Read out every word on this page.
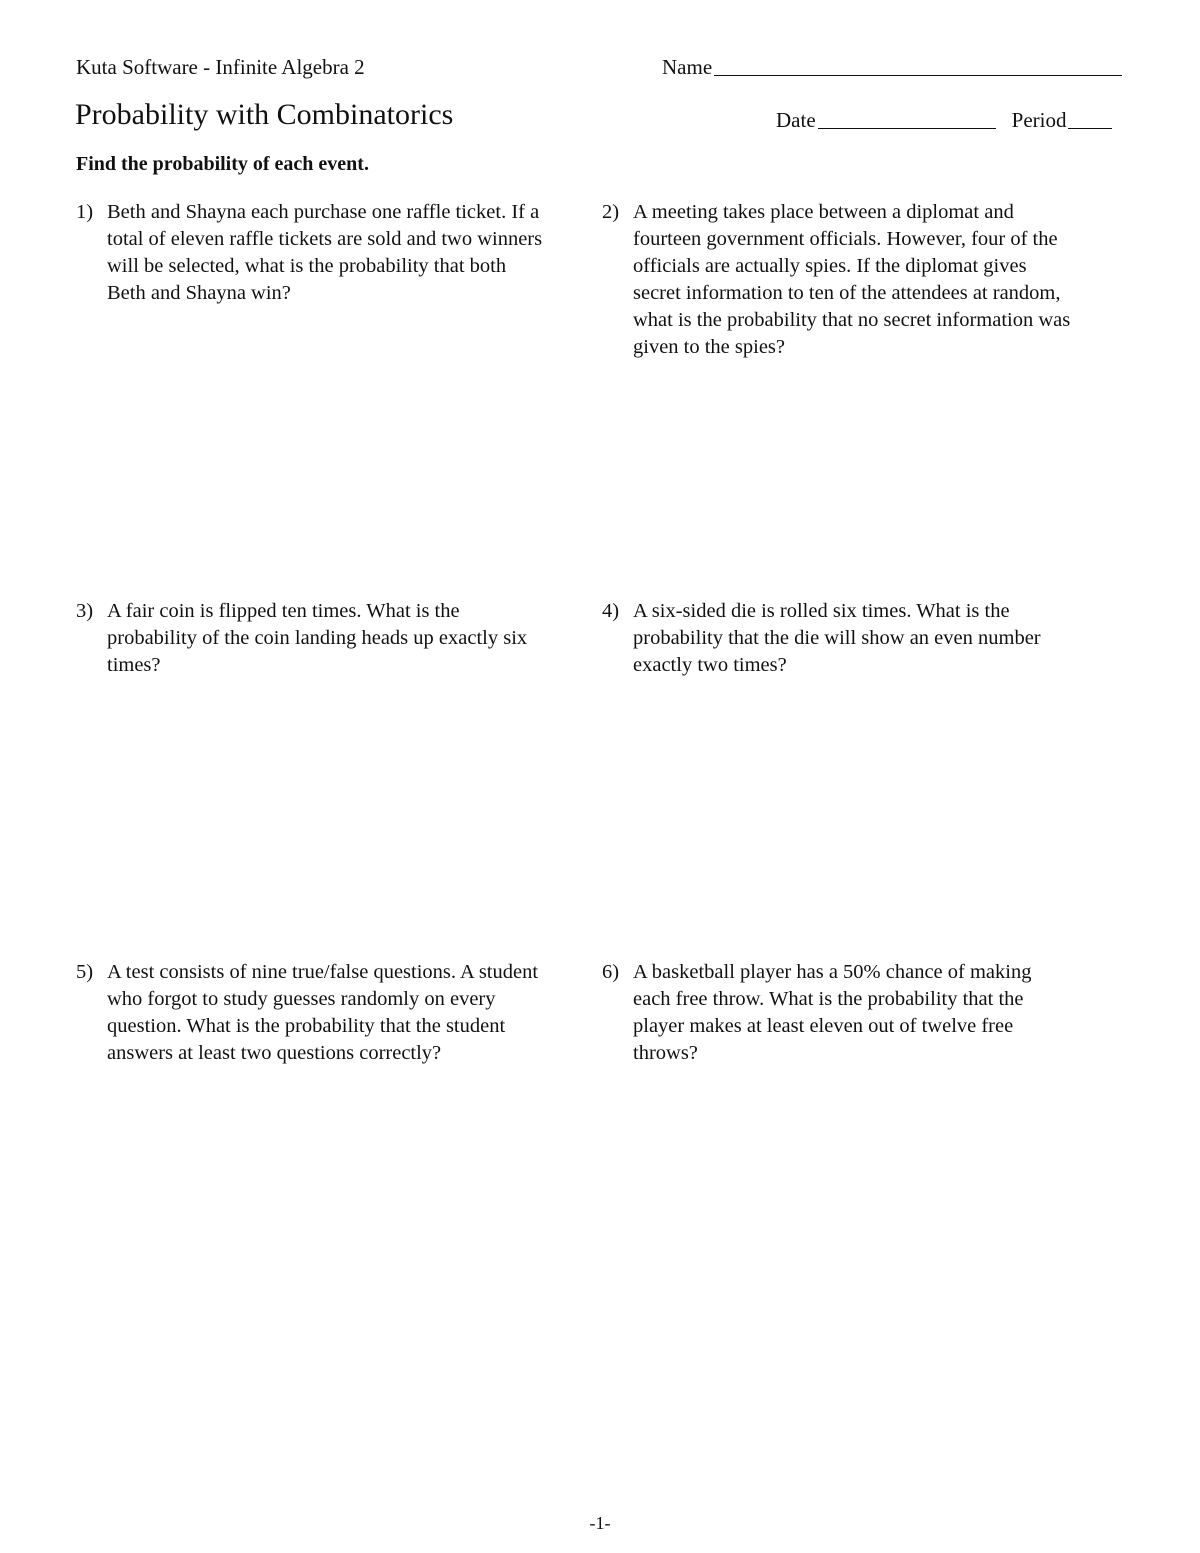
Kuta Software - Infinite Algebra 2	Name
Probability with Combinatorics	Date	Period
Find the probability of each event.
1) Beth and Shayna each purchase one raffle ticket. If a total of eleven raffle tickets are sold and two winners will be selected, what is the probability that both Beth and Shayna win?
2) A meeting takes place between a diplomat and fourteen government officials. However, four of the officials are actually spies. If the diplomat gives secret information to ten of the attendees at random, what is the probability that no secret information was given to the spies?
3) A fair coin is flipped ten times. What is the probability of the coin landing heads up exactly six times?
4) A six-sided die is rolled six times. What is the probability that the die will show an even number exactly two times?
5) A test consists of nine true/false questions. A student who forgot to study guesses randomly on every question. What is the probability that the student answers at least two questions correctly?
6) A basketball player has a 50% chance of making each free throw. What is the probability that the player makes at least eleven out of twelve free throws?
-1-
